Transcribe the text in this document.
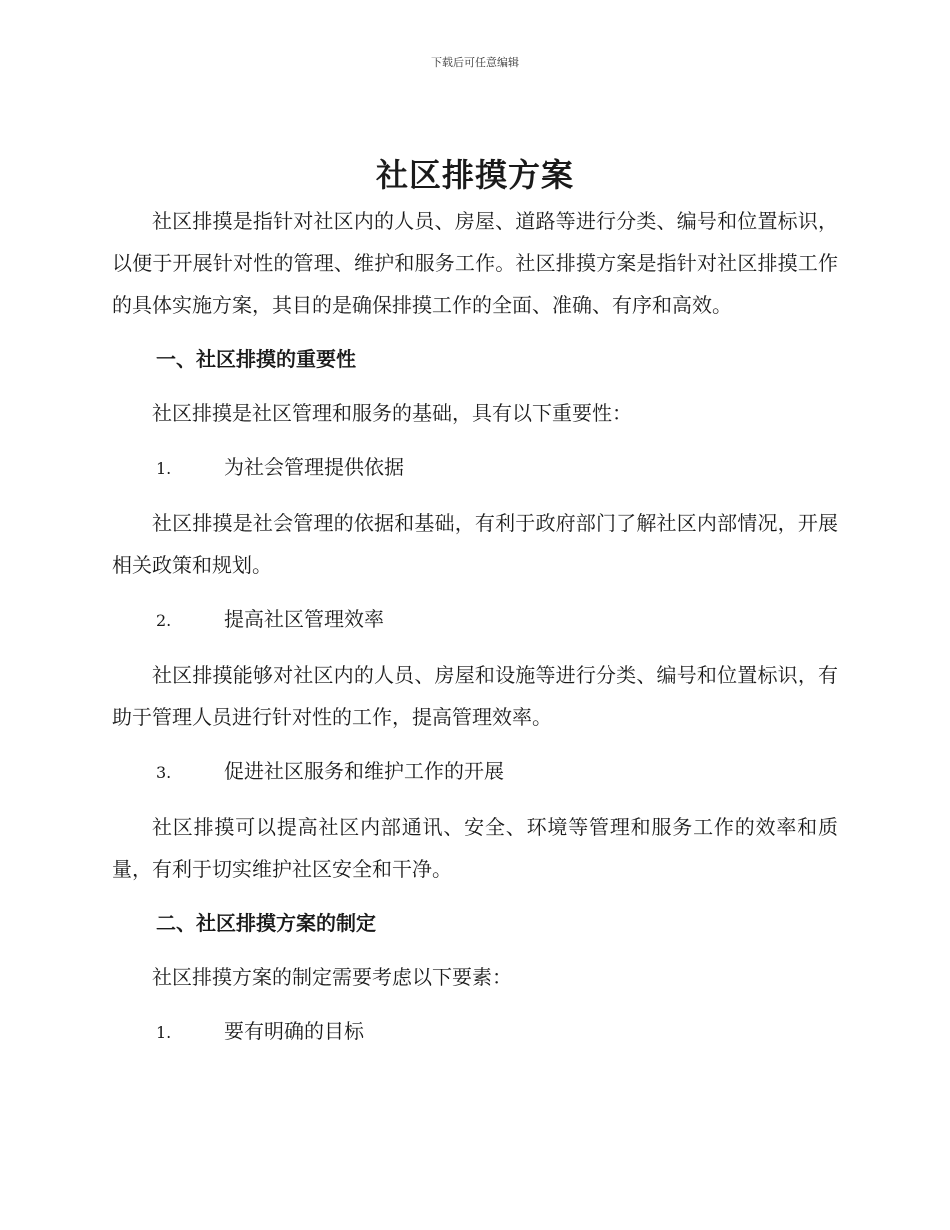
下载后可任意编辑
社区排摸方案

社区排摸是指针对社区内的人员、房屋、道路等进行分类、编号和位置标识，以便于开展针对性的管理、维护和服务工作。社区排摸方案是指针对社区排摸工作的具体实施方案，其目的是确保排摸工作的全面、准确、有序和高效。

一、社区排摸的重要性

社区排摸是社区管理和服务的基础，具有以下重要性：

1.	为社会管理提供依据

社区排摸是社会管理的依据和基础，有利于政府部门了解社区内部情况，开展相关政策和规划。

2.	提高社区管理效率

社区排摸能够对社区内的人员、房屋和设施等进行分类、编号和位置标识，有助于管理人员进行针对性的工作，提高管理效率。

3.	促进社区服务和维护工作的开展

社区排摸可以提高社区内部通讯、安全、环境等管理和服务工作的效率和质量，有利于切实维护社区安全和干净。

二、社区排摸方案的制定

社区排摸方案的制定需要考虑以下要素：

1.	要有明确的目标
